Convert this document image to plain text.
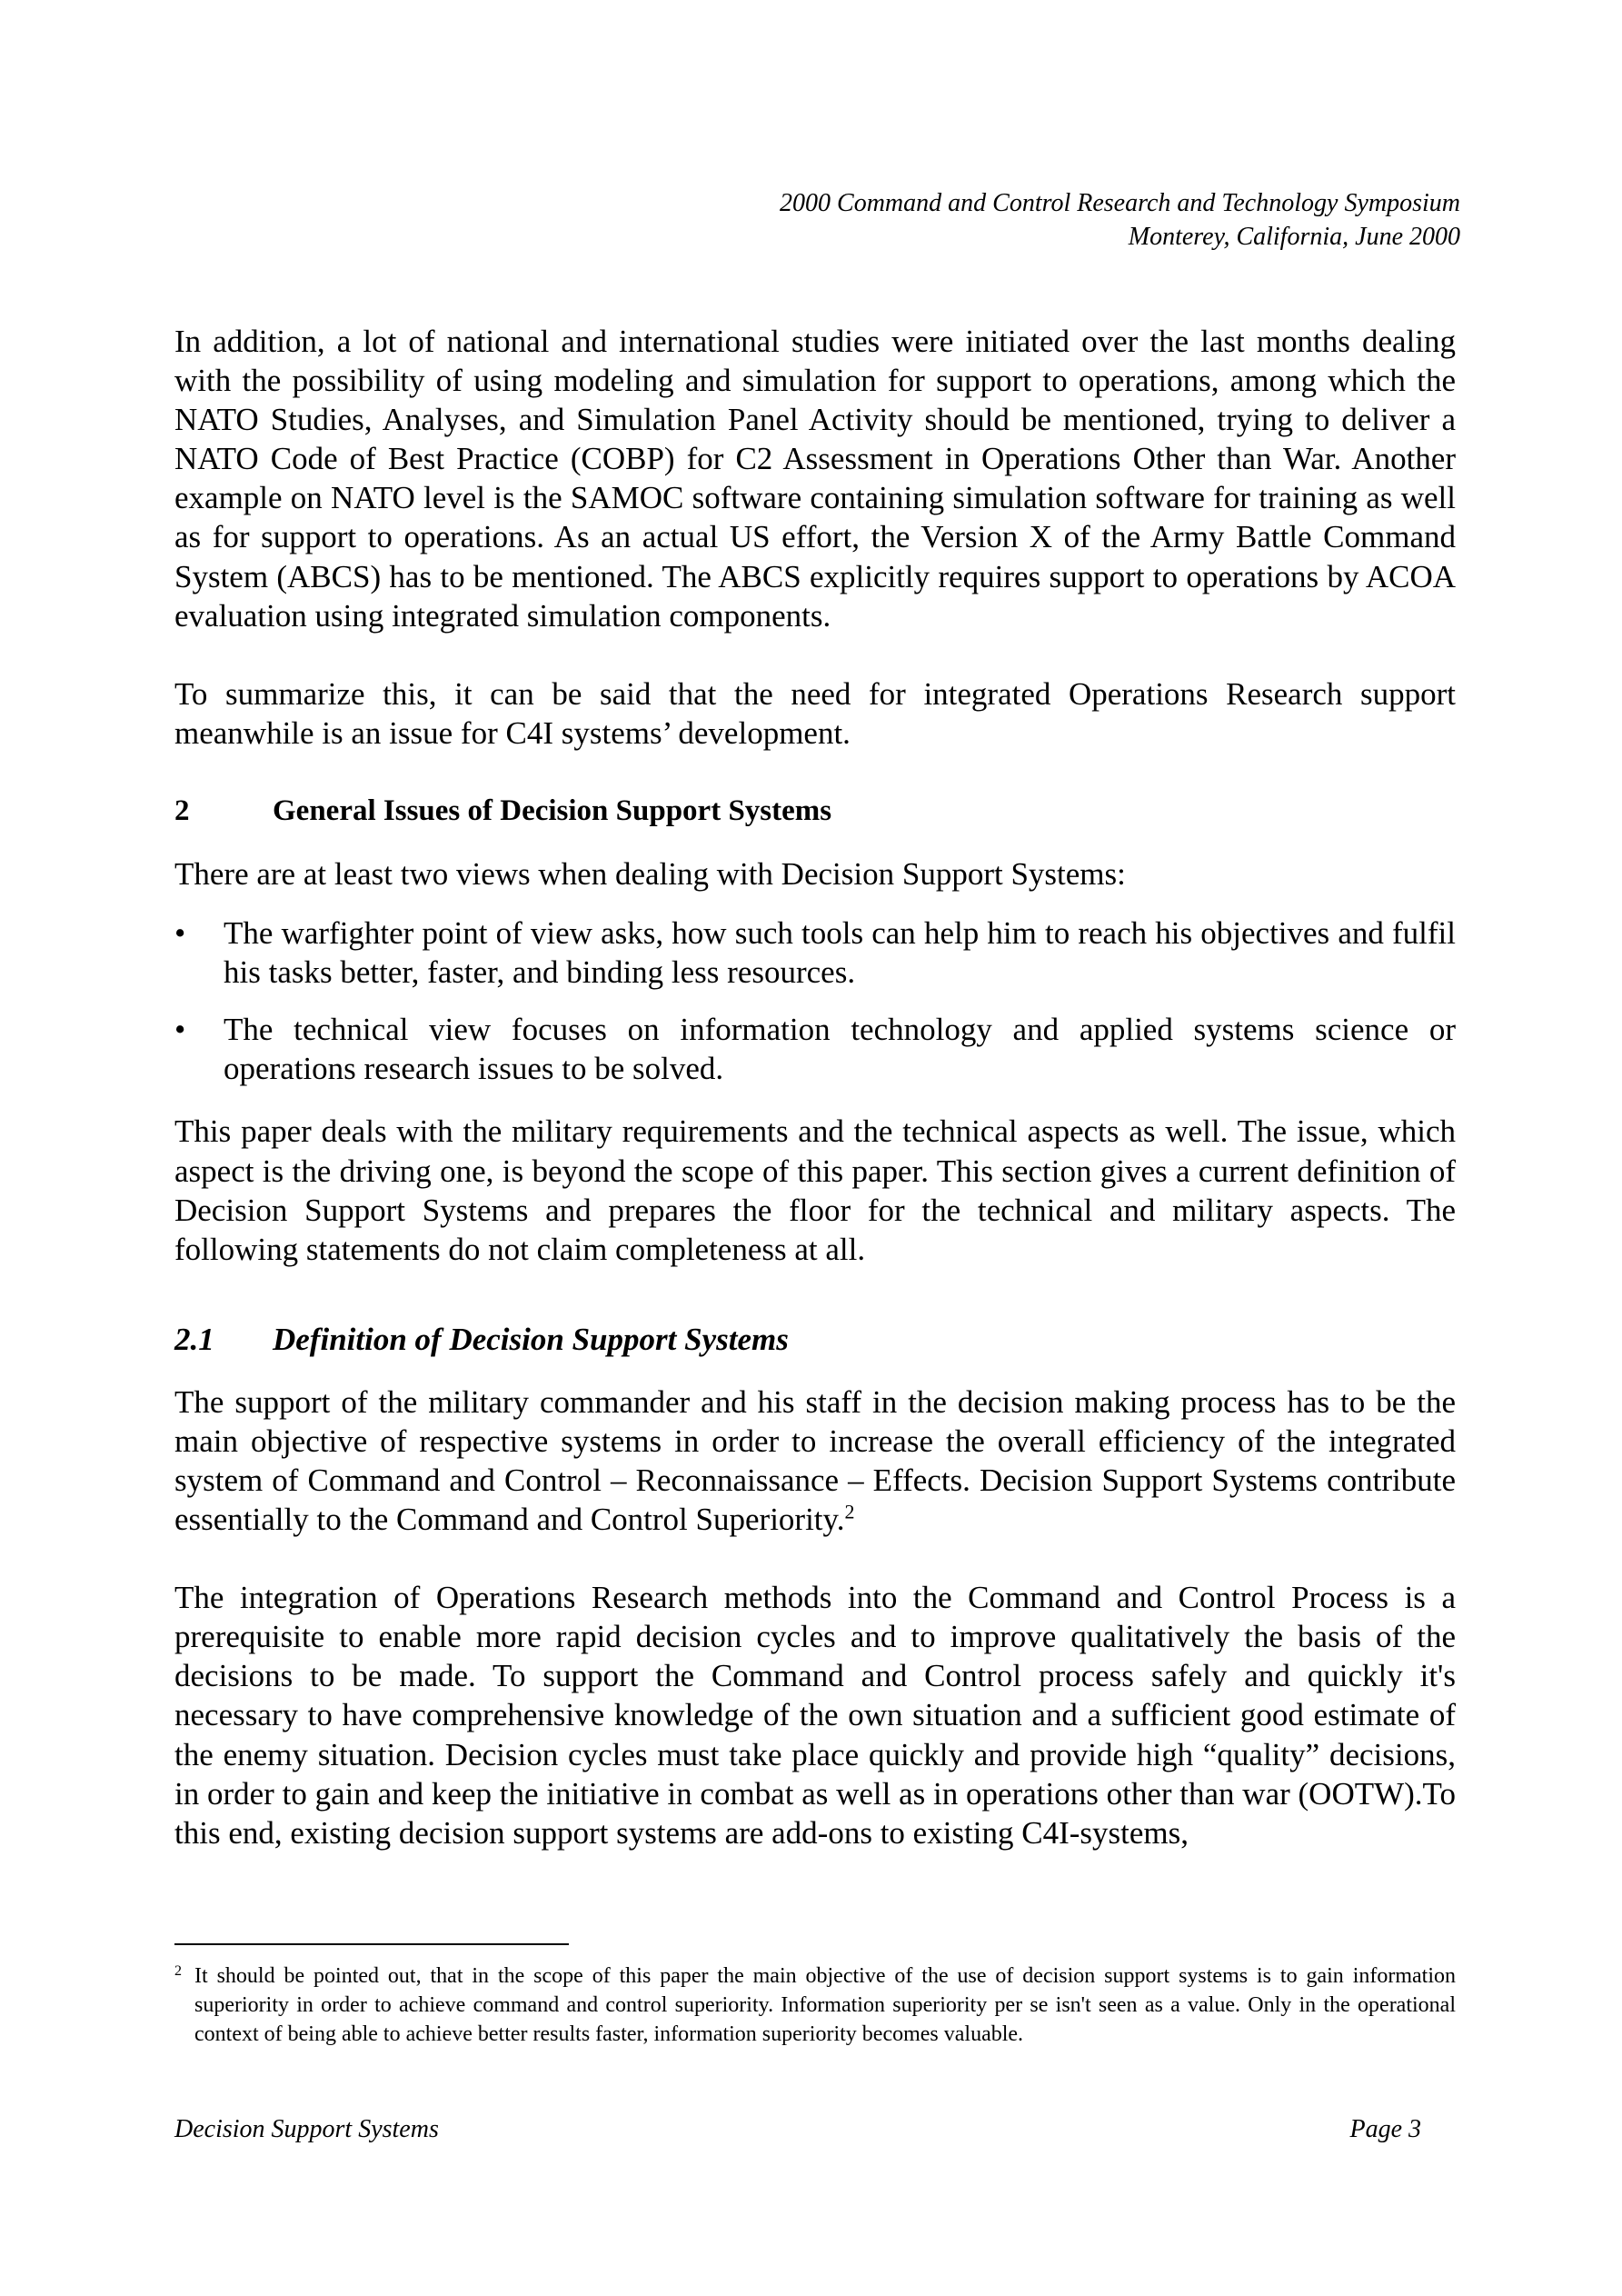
2000 Command and Control Research and Technology Symposium
Monterey, California, June 2000

In addition, a lot of national and international studies were initiated over the last months dealing with the possibility of using modeling and simulation for support to operations, among which the NATO Studies, Analyses, and Simulation Panel Activity should be mentioned, trying to deliver a NATO Code of Best Practice (COBP) for C2 Assessment in Operations Other than War. Another example on NATO level is the SAMOC software containing simulation software for training as well as for support to operations. As an actual US effort, the Version X of the Army Battle Command System (ABCS) has to be mentioned. The ABCS explicitly requires support to operations by ACOA evaluation using integrated simulation components.

To summarize this, it can be said that the need for integrated Operations Research support meanwhile is an issue for C4I systems’ development.

2	General Issues of Decision Support Systems

There are at least two views when dealing with Decision Support Systems:

•	The warfighter point of view asks, how such tools can help him to reach his objectives and fulfil his tasks better, faster, and binding less resources.
•	The technical view focuses on information technology and applied systems science or operations research issues to be solved.

This paper deals with the military requirements and the technical aspects as well. The issue, which aspect is the driving one, is beyond the scope of this paper. This section gives a current definition of Decision Support Systems and prepares the floor for the technical and military aspects. The following statements do not claim completeness at all.

2.1	Definition of Decision Support Systems

The support of the military commander and his staff in the decision making process has to be the main objective of respective systems in order to increase the overall efficiency of the integrated system of Command and Control – Reconnaissance – Effects. Decision Support Systems contribute essentially to the Command and Control Superiority.$^2$

The integration of Operations Research methods into the Command and Control Process is a prerequisite to enable more rapid decision cycles and to improve qualitatively the basis of the decisions to be made. To support the Command and Control process safely and quickly it's necessary to have comprehensive knowledge of the own situation and a sufficient good estimate of the enemy situation. Decision cycles must take place quickly and provide high “quality” decisions, in order to gain and keep the initiative in combat as well as in operations other than war (OOTW).To this end, existing decision support systems are add-ons to existing C4I-systems,

2 It should be pointed out, that in the scope of this paper the main objective of the use of decision support systems is to gain information superiority in order to achieve command and control superiority. Information superiority per se isn't seen as a value. Only in the operational context of being able to achieve better results faster, information superiority becomes valuable.
Decision Support Systems	Page 3
